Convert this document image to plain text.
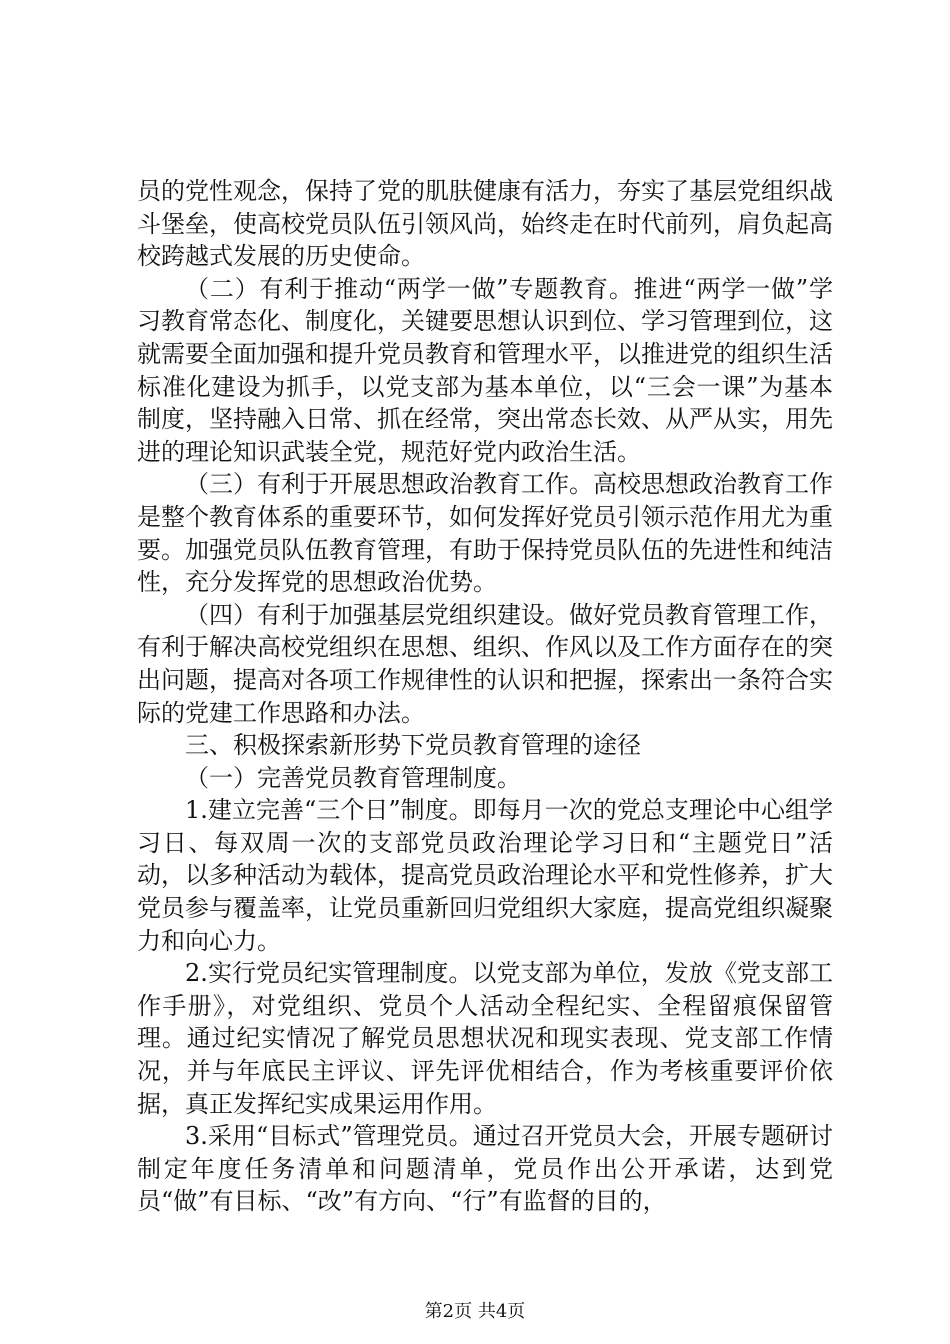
员的党性观念，保持了党的肌肤健康有活力，夯实了基层党组织战斗堡垒，使高校党员队伍引领风尚，始终走在时代前列，肩负起高校跨越式发展的历史使命。

（二）有利于推动“两学一做”专题教育。推进“两学一做”学习教育常态化、制度化，关键要思想认识到位、学习管理到位，这就需要全面加强和提升党员教育和管理水平，以推进党的组织生活标准化建设为抓手，以党支部为基本单位，以“三会一课”为基本制度，坚持融入日常、抓在经常，突出常态长效、从严从实，用先进的理论知识武装全党，规范好党内政治生活。

（三）有利于开展思想政治教育工作。高校思想政治教育工作是整个教育体系的重要环节，如何发挥好党员引领示范作用尤为重要。加强党员队伍教育管理，有助于保持党员队伍的先进性和纯洁性，充分发挥党的思想政治优势。

（四）有利于加强基层党组织建设。做好党员教育管理工作，有利于解决高校党组织在思想、组织、作风以及工作方面存在的突出问题，提高对各项工作规律性的认识和把握，探索出一条符合实际的党建工作思路和办法。

三、积极探索新形势下党员教育管理的途径

（一）完善党员教育管理制度。

1.建立完善“三个日”制度。即每月一次的党总支理论中心组学习日、每双周一次的支部党员政治理论学习日和“主题党日”活动，以多种活动为载体，提高党员政治理论水平和党性修养，扩大党员参与覆盖率，让党员重新回归党组织大家庭，提高党组织凝聚力和向心力。

2.实行党员纪实管理制度。以党支部为单位，发放《党支部工作手册》，对党组织、党员个人活动全程纪实、全程留痕保留管理。通过纪实情况了解党员思想状况和现实表现、党支部工作情况，并与年底民主评议、评先评优相结合，作为考核重要评价依据，真正发挥纪实成果运用作用。

3.采用“目标式”管理党员。通过召开党员大会，开展专题研讨制定年度任务清单和问题清单，党员作出公开承诺，达到党员“做”有目标、“改”有方向、“行”有监督的目的，

第2页 共4页
